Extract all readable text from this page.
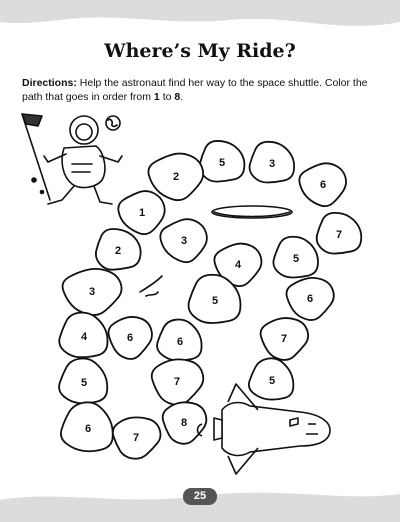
Where’s My Ride?

Directions: Help the astronaut find her way to the space shuttle. Color the path that goes in order from 1 to 8.

1
2
3
5
6
7
2
3
4	5
3
5	6
4	6	6	7
5	7	5
8
6
7
25
